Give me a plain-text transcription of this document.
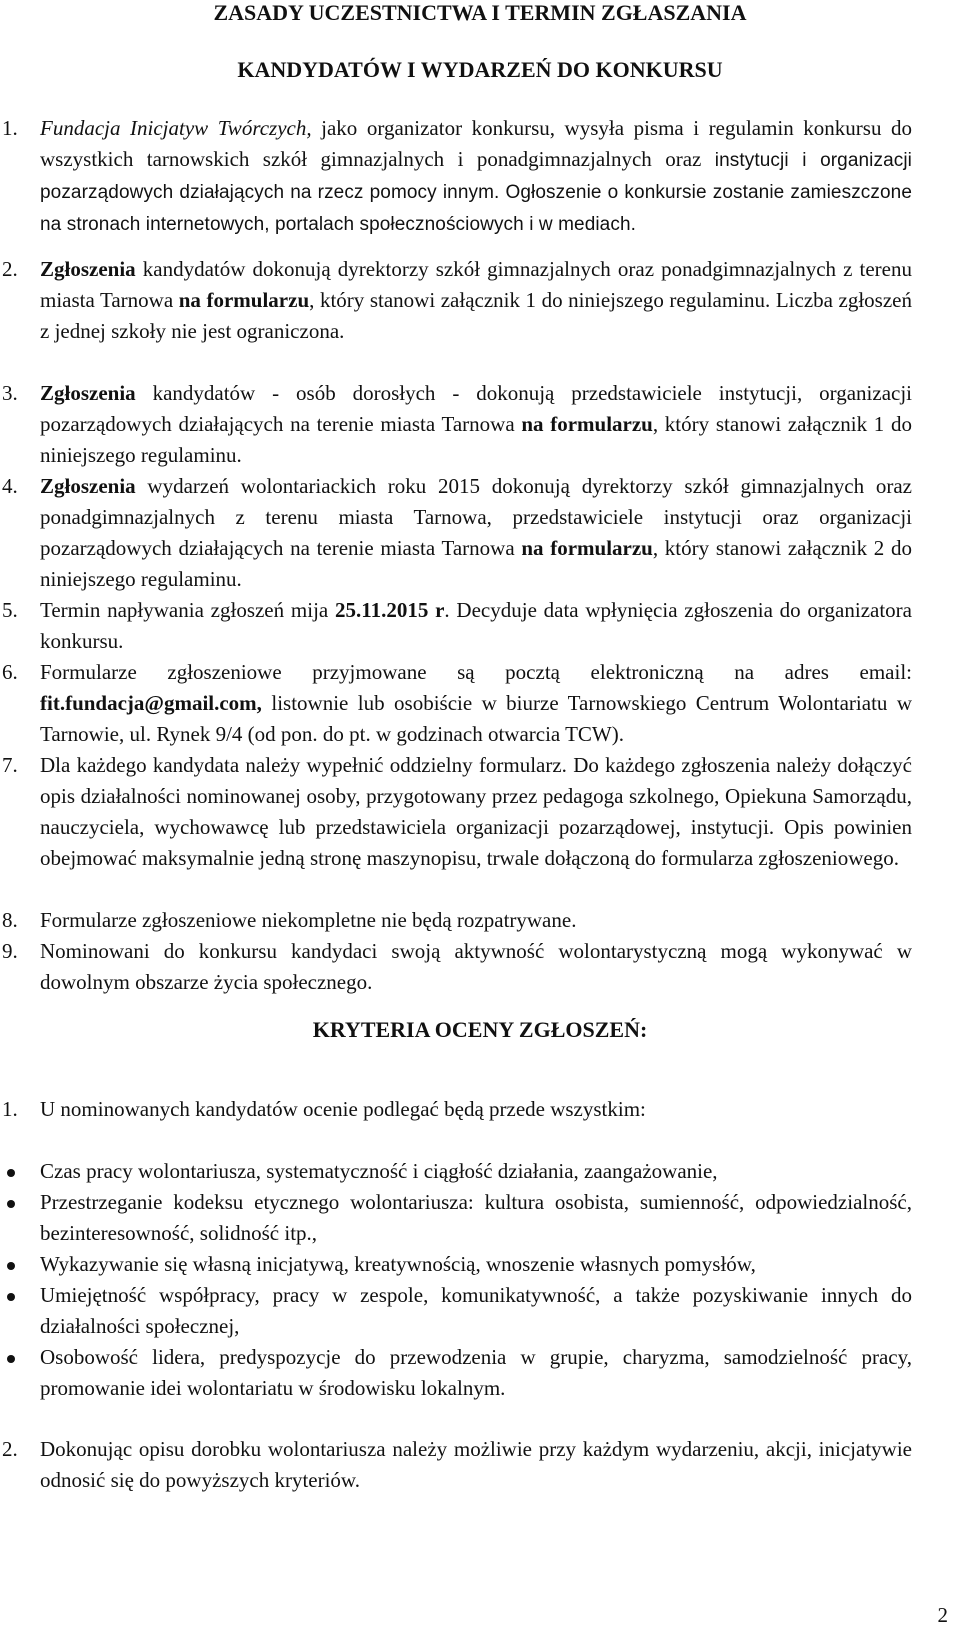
ZASADY UCZESTNICTWA I TERMIN ZGŁASZANIA
KANDYDATÓW I WYDARZEŃ DO KONKURSU
1.	Fundacja Inicjatyw Twórczych, jako organizator konkursu, wysyła pisma i regulamin konkursu do wszystkich tarnowskich szkół gimnazjalnych i ponadgimnazjalnych oraz instytucji i organizacji pozarządowych działających na rzecz pomocy innym. Ogłoszenie o konkursie zostanie zamieszczone na stronach internetowych, portalach społecznościowych i w mediach.
2.	Zgłoszenia kandydatów dokonują dyrektorzy szkół gimnazjalnych oraz ponadgimnazjalnych z terenu miasta Tarnowa na formularzu, który stanowi załącznik 1 do niniejszego regulaminu. Liczba zgłoszeń z jednej szkoły nie jest ograniczona.
3.	Zgłoszenia kandydatów - osób dorosłych - dokonują przedstawiciele instytucji, organizacji pozarządowych działających na terenie miasta Tarnowa na formularzu, który stanowi załącznik 1 do niniejszego regulaminu.
4.	Zgłoszenia wydarzeń wolontariackich roku 2015 dokonują dyrektorzy szkół gimnazjalnych oraz ponadgimnazjalnych z terenu miasta Tarnowa, przedstawiciele instytucji oraz organizacji pozarządowych działających na terenie miasta Tarnowa na formularzu, który stanowi załącznik 2 do niniejszego regulaminu.
5.	Termin napływania zgłoszeń mija 25.11.2015 r. Decyduje data wpłynięcia zgłoszenia do organizatora konkursu.
6.	Formularze zgłoszeniowe przyjmowane są pocztą elektroniczną na adres email: fit.fundacja@gmail.com, listownie lub osobiście w biurze Tarnowskiego Centrum Wolontariatu w Tarnowie, ul. Rynek 9/4 (od pon. do pt. w godzinach otwarcia TCW).
7.	Dla każdego kandydata należy wypełnić oddzielny formularz. Do każdego zgłoszenia należy dołączyć opis działalności nominowanej osoby, przygotowany przez pedagoga szkolnego, Opiekuna Samorządu, nauczyciela, wychowawcę lub przedstawiciela organizacji pozarządowej, instytucji. Opis powinien obejmować maksymalnie jedną stronę maszynopisu, trwale dołączoną do formularza zgłoszeniowego.
8.	Formularze zgłoszeniowe niekompletne nie będą rozpatrywane.
9.	Nominowani do konkursu kandydaci swoją aktywność wolontarystyczną mogą wykonywać w dowolnym obszarze życia społecznego.
KRYTERIA OCENY ZGŁOSZEŃ:
1.	U nominowanych kandydatów ocenie podlegać będą przede wszystkim:
Czas pracy wolontariusza, systematyczność i ciągłość działania, zaangażowanie,
Przestrzeganie kodeksu etycznego wolontariusza: kultura osobista, sumienność, odpowiedzialność, bezinteresowność, solidność itp.,
Wykazywanie się własną inicjatywą, kreatywnością, wnoszenie własnych pomysłów,
Umiejętność współpracy, pracy w zespole, komunikatywność, a także pozyskiwanie innych do działalności społecznej,
Osobowość lidera, predyspozycje do przewodzenia w grupie, charyzma, samodzielność pracy, promowanie idei wolontariatu w środowisku lokalnym.
2.	Dokonując opisu dorobku wolontariusza należy możliwie przy każdym wydarzeniu, akcji, inicjatywie odnosić się do powyższych kryteriów.
2
